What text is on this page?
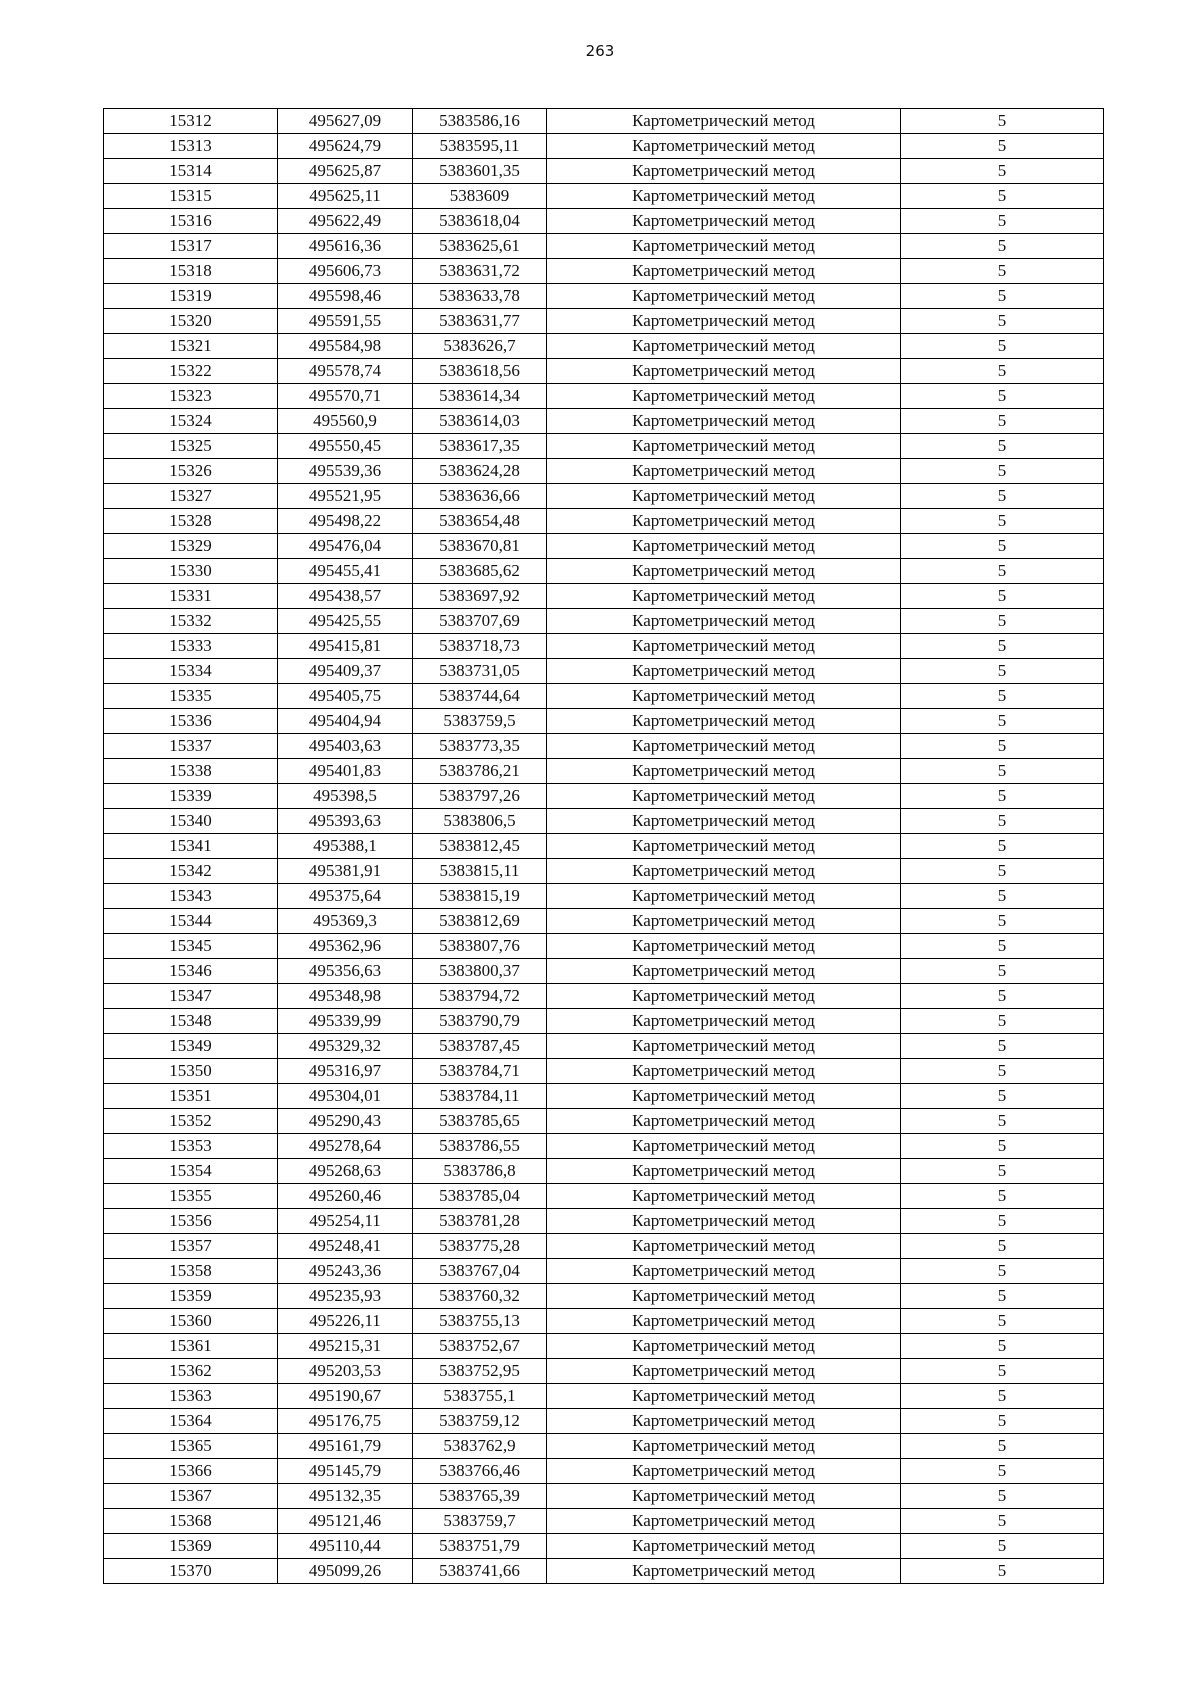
263
15312	495627,09	5383586,16	Картометрический метод	5
15313	495624,79	5383595,11	Картометрический метод	5
15314	495625,87	5383601,35	Картометрический метод	5
15315	495625,11	5383609	Картометрический метод	5
15316	495622,49	5383618,04	Картометрический метод	5
15317	495616,36	5383625,61	Картометрический метод	5
15318	495606,73	5383631,72	Картометрический метод	5
15319	495598,46	5383633,78	Картометрический метод	5
15320	495591,55	5383631,77	Картометрический метод	5
15321	495584,98	5383626,7	Картометрический метод	5
15322	495578,74	5383618,56	Картометрический метод	5
15323	495570,71	5383614,34	Картометрический метод	5
15324	495560,9	5383614,03	Картометрический метод	5
15325	495550,45	5383617,35	Картометрический метод	5
15326	495539,36	5383624,28	Картометрический метод	5
15327	495521,95	5383636,66	Картометрический метод	5
15328	495498,22	5383654,48	Картометрический метод	5
15329	495476,04	5383670,81	Картометрический метод	5
15330	495455,41	5383685,62	Картометрический метод	5
15331	495438,57	5383697,92	Картометрический метод	5
15332	495425,55	5383707,69	Картометрический метод	5
15333	495415,81	5383718,73	Картометрический метод	5
15334	495409,37	5383731,05	Картометрический метод	5
15335	495405,75	5383744,64	Картометрический метод	5
15336	495404,94	5383759,5	Картометрический метод	5
15337	495403,63	5383773,35	Картометрический метод	5
15338	495401,83	5383786,21	Картометрический метод	5
15339	495398,5	5383797,26	Картометрический метод	5
15340	495393,63	5383806,5	Картометрический метод	5
15341	495388,1	5383812,45	Картометрический метод	5
15342	495381,91	5383815,11	Картометрический метод	5
15343	495375,64	5383815,19	Картометрический метод	5
15344	495369,3	5383812,69	Картометрический метод	5
15345	495362,96	5383807,76	Картометрический метод	5
15346	495356,63	5383800,37	Картометрический метод	5
15347	495348,98	5383794,72	Картометрический метод	5
15348	495339,99	5383790,79	Картометрический метод	5
15349	495329,32	5383787,45	Картометрический метод	5
15350	495316,97	5383784,71	Картометрический метод	5
15351	495304,01	5383784,11	Картометрический метод	5
15352	495290,43	5383785,65	Картометрический метод	5
15353	495278,64	5383786,55	Картометрический метод	5
15354	495268,63	5383786,8	Картометрический метод	5
15355	495260,46	5383785,04	Картометрический метод	5
15356	495254,11	5383781,28	Картометрический метод	5
15357	495248,41	5383775,28	Картометрический метод	5
15358	495243,36	5383767,04	Картометрический метод	5
15359	495235,93	5383760,32	Картометрический метод	5
15360	495226,11	5383755,13	Картометрический метод	5
15361	495215,31	5383752,67	Картометрический метод	5
15362	495203,53	5383752,95	Картометрический метод	5
15363	495190,67	5383755,1	Картометрический метод	5
15364	495176,75	5383759,12	Картометрический метод	5
15365	495161,79	5383762,9	Картометрический метод	5
15366	495145,79	5383766,46	Картометрический метод	5
15367	495132,35	5383765,39	Картометрический метод	5
15368	495121,46	5383759,7	Картометрический метод	5
15369	495110,44	5383751,79	Картометрический метод	5
15370	495099,26	5383741,66	Картометрический метод	5
